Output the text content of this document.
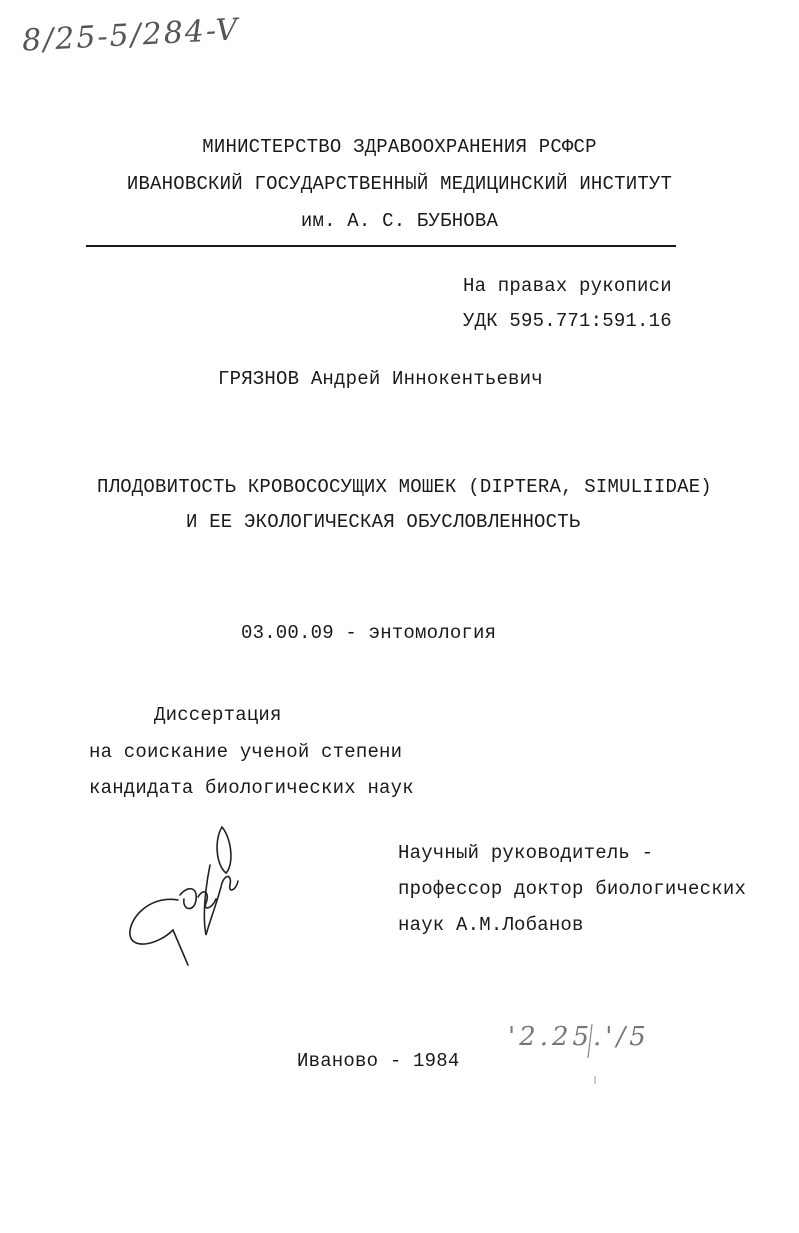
8/25-5/284-V
МИНИСТЕРСТВО ЗДРАВООХРАНЕНИЯ РСФСР
ИВАНОВСКИЙ ГОСУДАРСТВЕННЫЙ МЕДИЦИНСКИЙ ИНСТИТУТ
им. А. С. БУБНОВА
На правах рукописи
УДК 595.771:591.16
ГРЯЗНОВ Андрей Иннокентьевич
ПЛОДОВИТОСТЬ КРОВОСОСУЩИХ МОШЕК (DIPTERA, SIMULIIDAE)
И ЕЕ ЭКОЛОГИЧЕСКАЯ ОБУСЛОВЛЕННОСТЬ
03.00.09 - энтомология
Диссертация
на соискание ученой степени
кандидата биологических наук
Научный руководитель -
профессор доктор биологических
наук А.М.Лобанов
Иваново - 1984
'2.25.'/5
